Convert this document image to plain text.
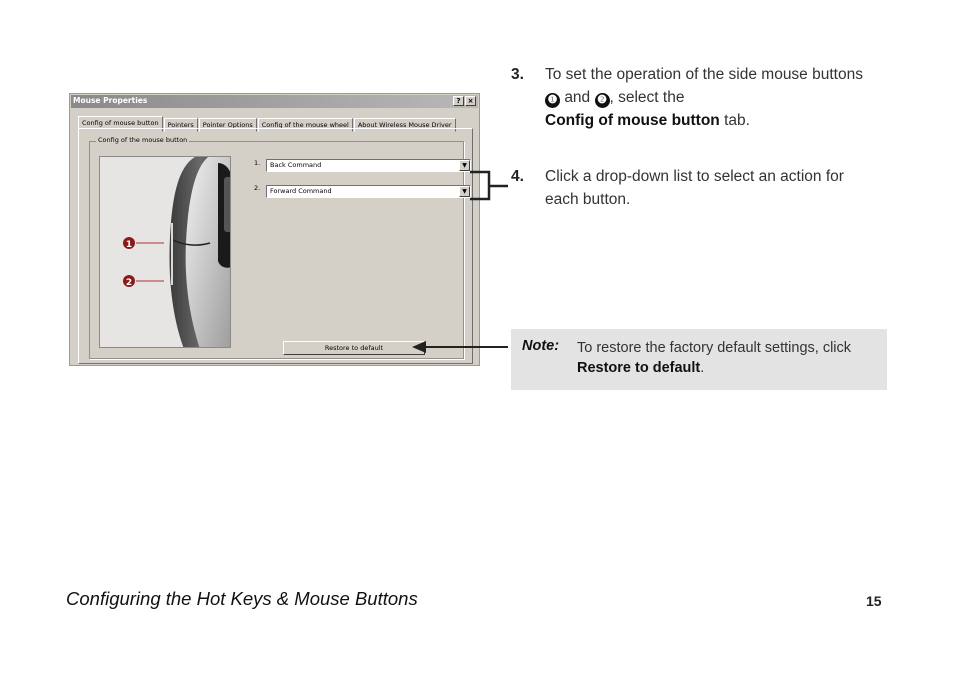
Mouse Properties	?	×
Config of mouse button Pointers Pointer Options Config of the mouse wheel About Wireless Mouse Driver
Config of the mouse button
1
2
1.	Back Command	▼
2.	Forward Command	▼
Restore to default
3. To set the operation of the side mouse buttons ❶ and ❷ , select the
Config of mouse button tab.
4. Click a drop-down list to select an action for each button.
Note: To restore the factory default settings, click Restore to default.
Configuring the Hot Keys & Mouse Buttons	15
